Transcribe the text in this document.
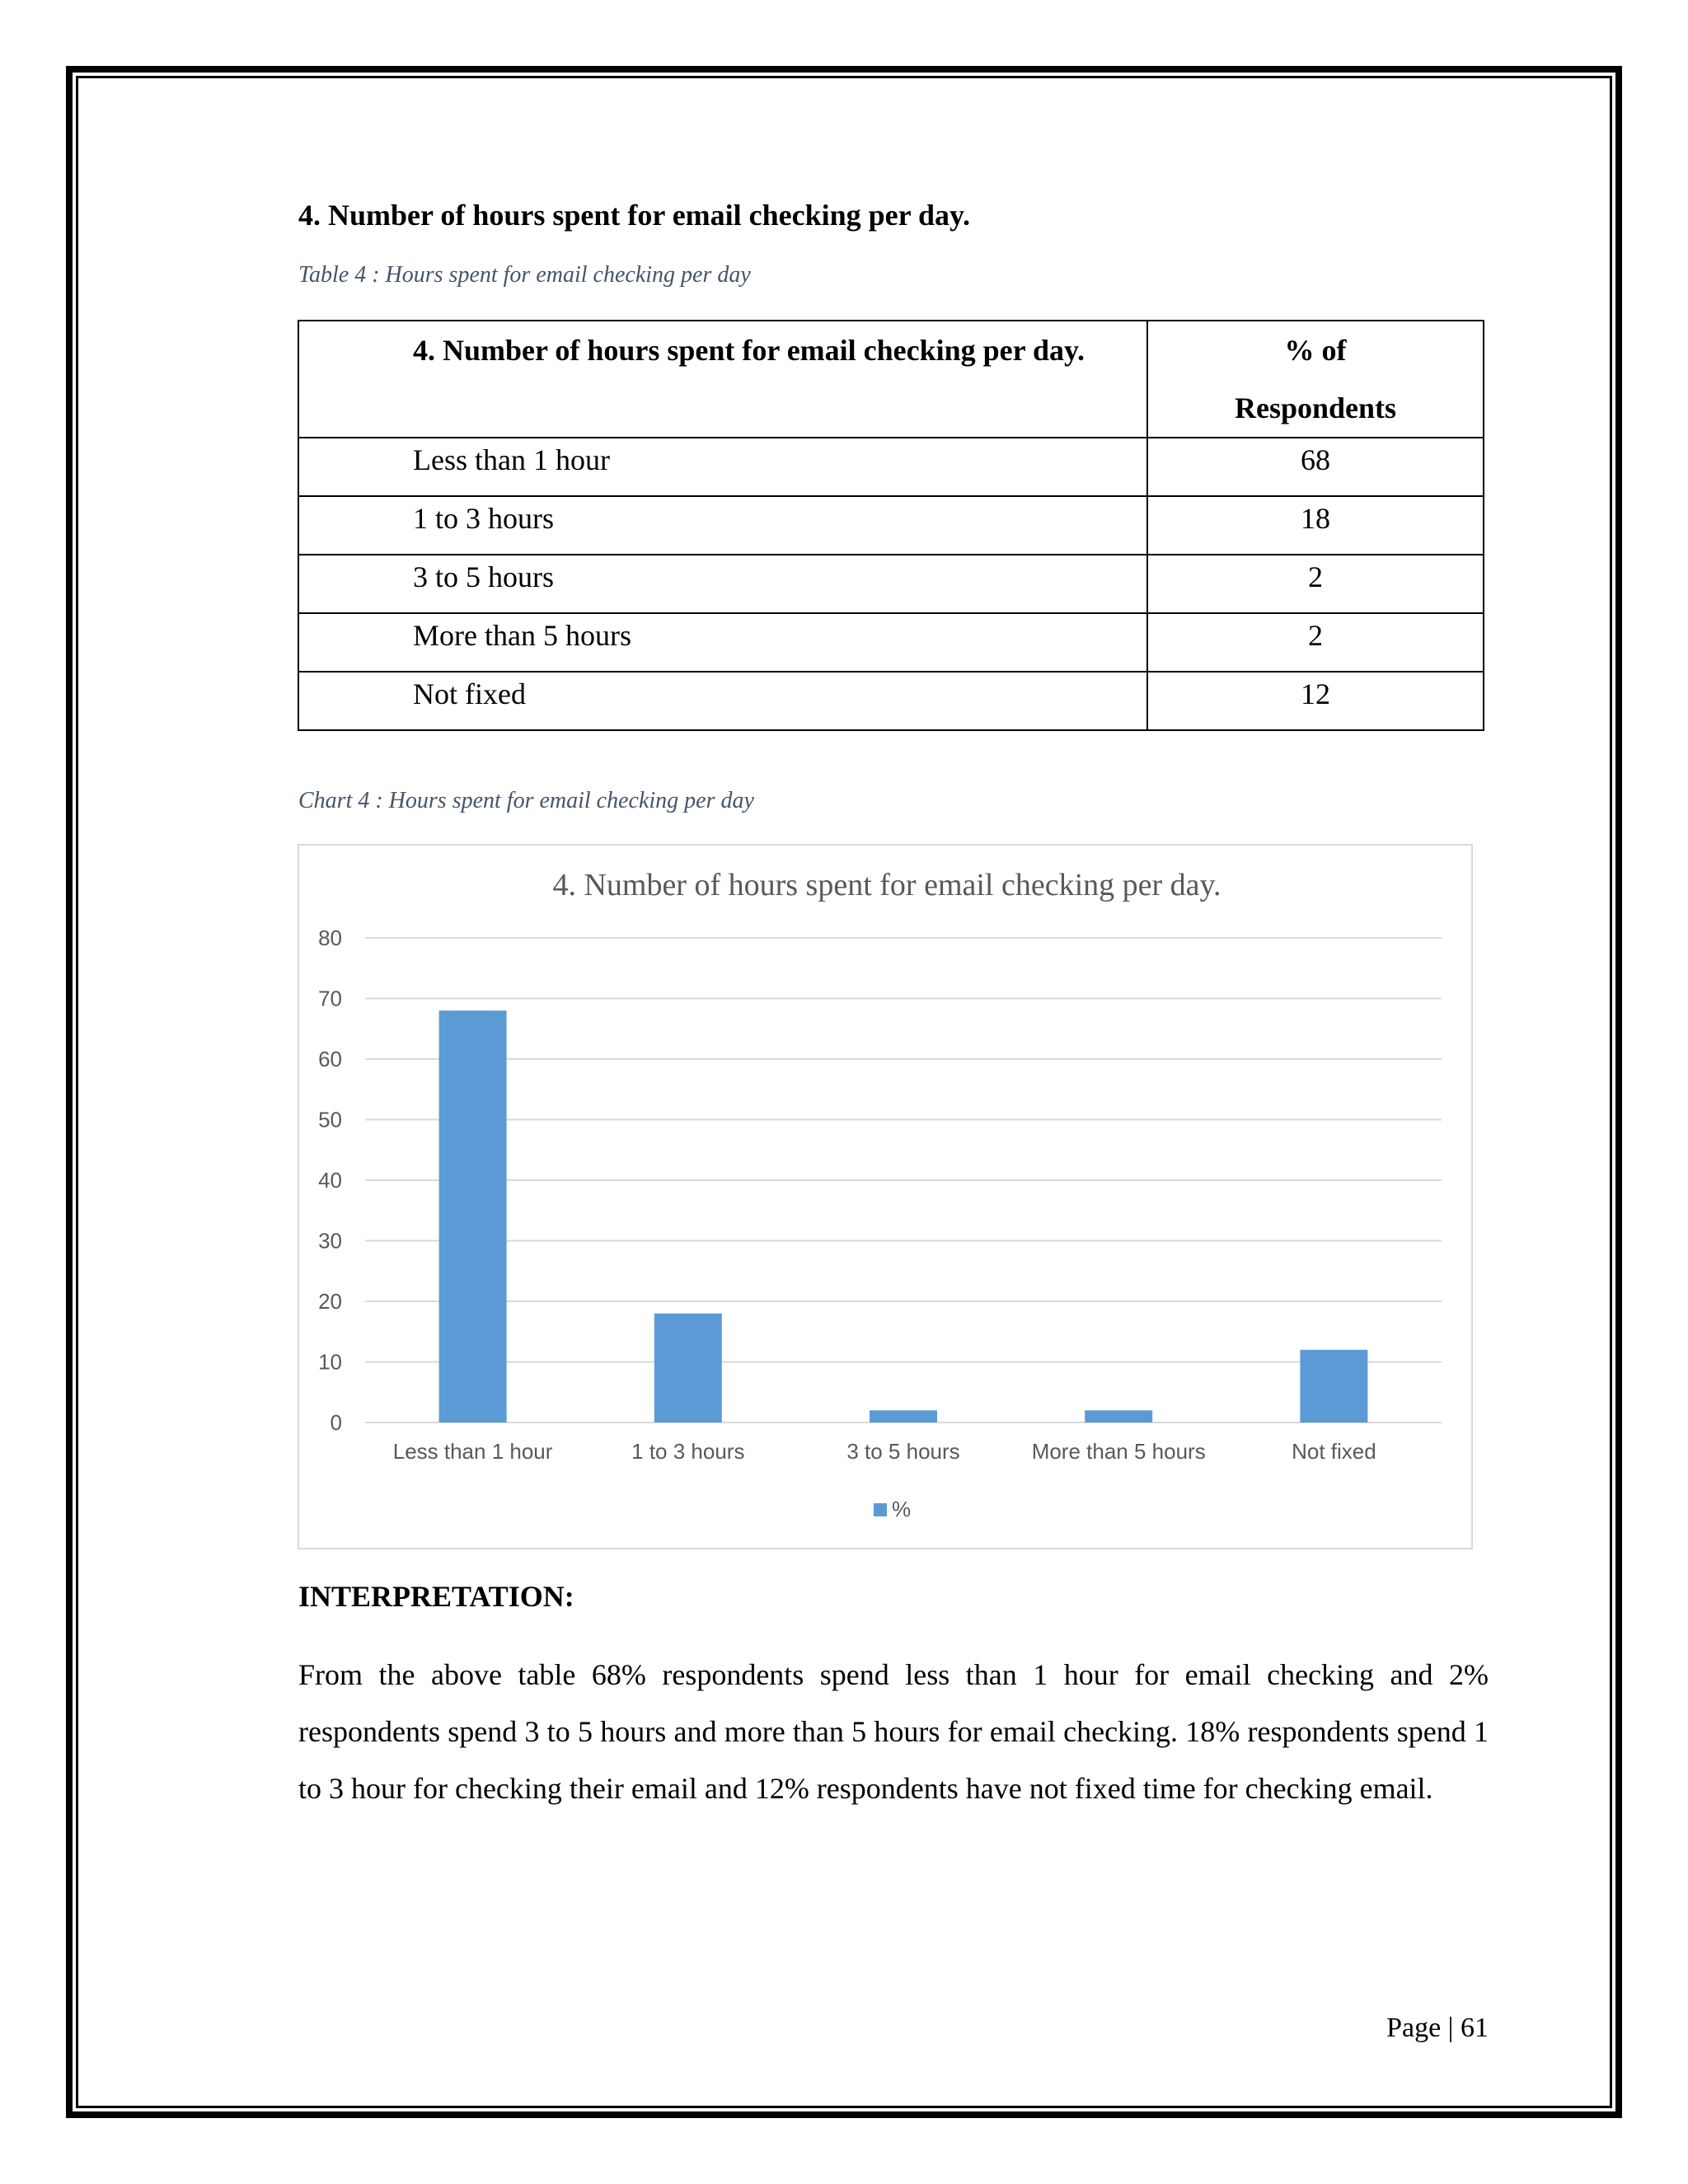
4. Number of hours spent for email checking per day.
Table 4 : Hours spent for email checking per day
4. Number of hours spent for email checking per day.	% of
Respondents

Less than 1 hour	68

1 to 3 hours	18

3 to 5 hours	2

More than 5 hours	2

Not fixed	12
Chart 4 : Hours spent for email checking per day
4. Number of hours spent for email checking per day.
0
10
20
30
40
50
60
70
80
Less than 1 hour	1 to 3 hours	3 to 5 hours	More than 5 hours	Not fixed
%
INTERPRETATION:

From the above table 68% respondents spend less than 1 hour for email checking and 2% respondents spend 3 to 5 hours and more than 5 hours for email checking. 18% respondents spend 1 to 3 hour for checking their email and 12% respondents have not fixed time for checking email.

Page | 61
